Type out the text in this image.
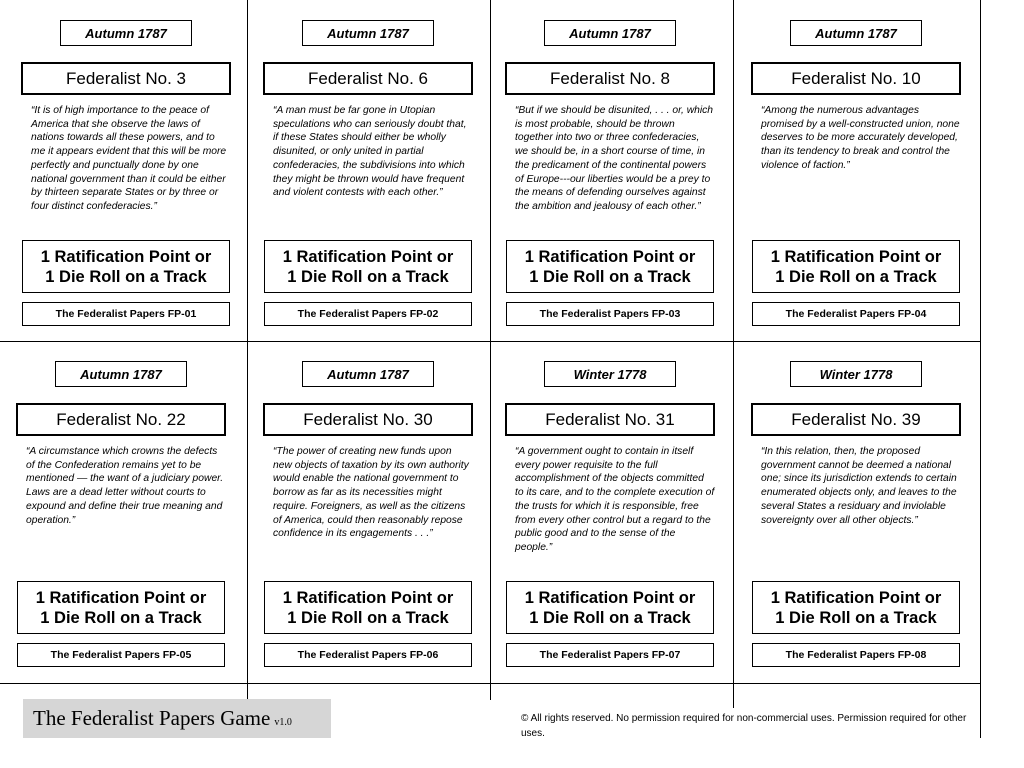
Autumn 1787
Federalist No. 3
“It is of high importance to the peace of America that she observe the laws of nations towards all these powers, and to me it appears evident that this will be more perfectly and punctually done by one national government than it could be either by thirteen separate States or by three or four distinct confederacies.”
1 Ratification Point or
1 Die Roll on a Track
The Federalist Papers FP-01
Autumn 1787
Federalist No. 6
“A man must be far gone in Utopian speculations who can seriously doubt that, if these States should either be wholly disunited, or only united in partial confederacies, the subdivisions into which they might be thrown would have frequent and violent contests with each other.”
1 Ratification Point or
1 Die Roll on a Track
The Federalist Papers FP-02
Autumn 1787
Federalist No. 8
“But if we should be disunited, . . . or, which is most probable, should be thrown together into two or three confederacies, we should be, in a short course of time, in the predicament of the continental powers of Europe---our liberties would be a prey to the means of defending ourselves against the ambition and jealousy of each other.”
1 Ratification Point or
1 Die Roll on a Track
The Federalist Papers FP-03
Autumn 1787
Federalist No. 10
“Among the numerous advantages promised by a well-constructed union, none deserves to be more accurately developed, than its tendency to break and control the violence of faction.”
1 Ratification Point or
1 Die Roll on a Track
The Federalist Papers FP-04
Autumn 1787
Federalist No. 22
“A circumstance which crowns the defects of the Confederation remains yet to be mentioned — the want of a judiciary power. Laws are a dead letter without courts to expound and define their true meaning and operation.”
1 Ratification Point or
1 Die Roll on a Track
The Federalist Papers FP-05
Autumn 1787
Federalist No. 30
“The power of creating new funds upon new objects of taxation by its own authority would enable the national government to borrow as far as its necessities might require. Foreigners, as well as the citizens of America, could then reasonably repose confidence in its engagements . . .”
1 Ratification Point or
1 Die Roll on a Track
The Federalist Papers FP-06
Winter 1778
Federalist No. 31
“A government ought to contain in itself every power requisite to the full accomplishment of the objects committed to its care, and to the complete execution of the trusts for which it is responsible, free from every other control but a regard to the public good and to the sense of the people.”
1 Ratification Point or
1 Die Roll on a Track
The Federalist Papers FP-07
Winter 1778
Federalist No. 39
“In this relation, then, the proposed government cannot be deemed a national one; since its jurisdiction extends to certain enumerated objects only, and leaves to the several States a residuary and inviolable sovereignty over all other objects.”
1 Ratification Point or
1 Die Roll on a Track
The Federalist Papers FP-08
The Federalist Papers Game v1.0	© All rights reserved. No permission required for non-commercial uses. Permission required for other uses.
